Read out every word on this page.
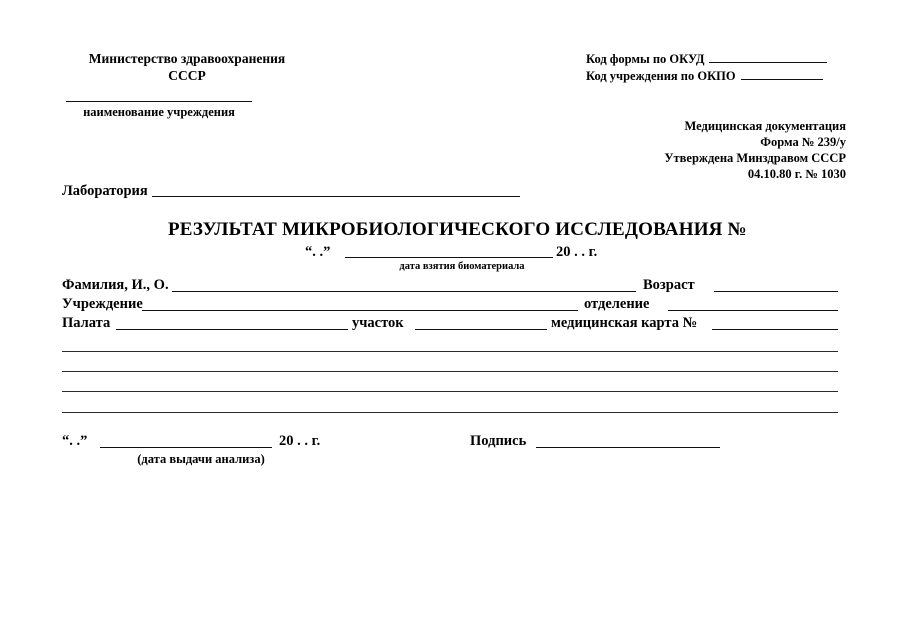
Министерство здравоохранения
СССР
наименование учреждения
Код формы по ОКУД
Код учреждения по ОКПО
Медицинская документация
Форма № 239/у
Утверждена Минздравом СССР
04.10.80 г. № 1030
Лаборатория
РЕЗУЛЬТАТ МИКРОБИОЛОГИЧЕСКОГО ИССЛЕДОВАНИЯ №
“. .”	20 . . г.
дата взятия биоматериала
Фамилия, И., О.	Возраст
Учреждение	отделение
Палата	участок	медицинская карта №
“. .”	20 . . г.
(дата выдачи анализа)
Подпись
